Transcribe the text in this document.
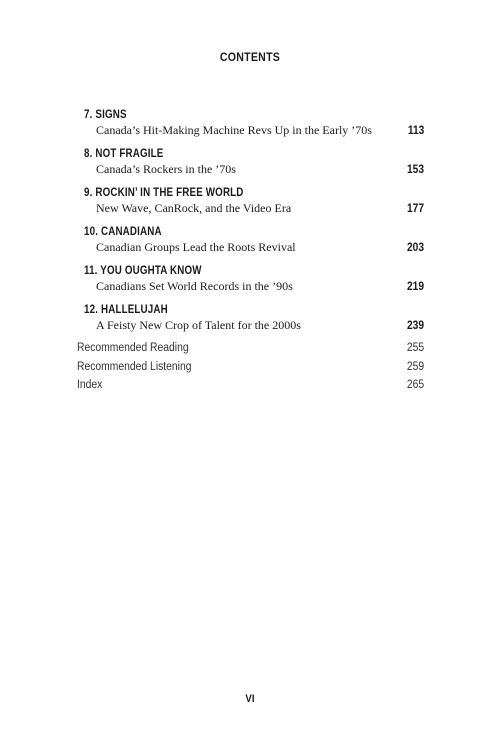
CONTENTS
7. SIGNS
Canada’s Hit-Making Machine Revs Up in the Early ’70s	113
8. NOT FRAGILE
Canada’s Rockers in the ’70s	153
9. ROCKIN’ IN THE FREE WORLD
New Wave, CanRock, and the Video Era	177
10. CANADIANA
Canadian Groups Lead the Roots Revival	203
11. YOU OUGHTA KNOW
Canadians Set World Records in the ’90s	219
12. HALLELUJAH
A Feisty New Crop of Talent for the 2000s	239
Recommended Reading	255
Recommended Listening	259
Index	265
VI
